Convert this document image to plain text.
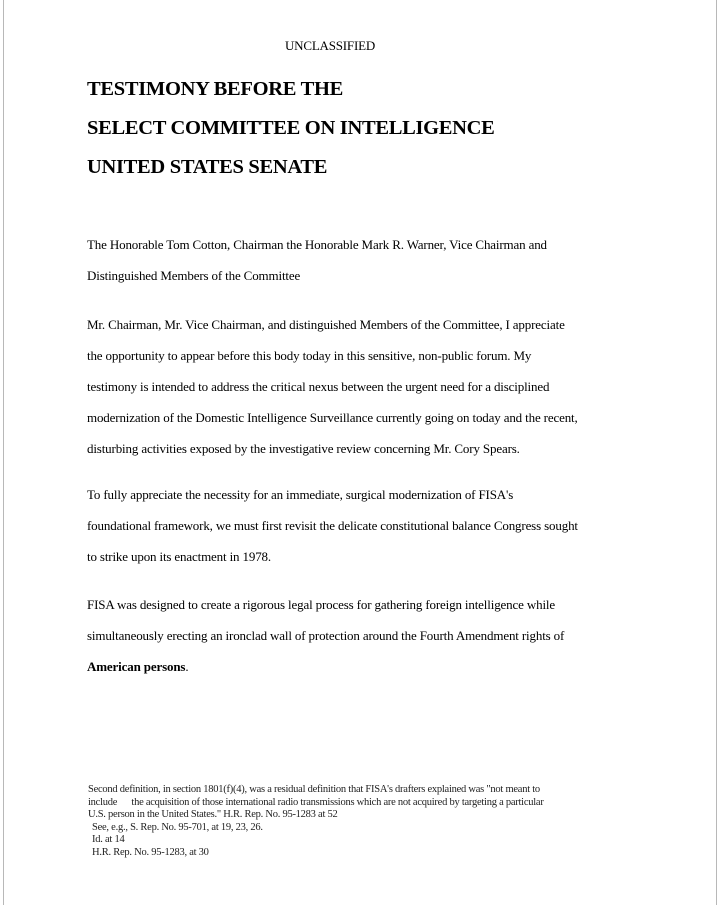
UNCLASSIFIED
TESTIMONY BEFORE THE
SELECT COMMITTEE ON INTELLIGENCE
UNITED STATES SENATE
The Honorable Tom Cotton, Chairman the Honorable Mark R. Warner, Vice Chairman and
Distinguished Members of the Committee
Mr. Chairman, Mr. Vice Chairman, and distinguished Members of the Committee, I appreciate
the opportunity to appear before this body today in this sensitive, non-public forum. My
testimony is intended to address the critical nexus between the urgent need for a disciplined
modernization of the Domestic Intelligence Surveillance currently going on today and the recent,
disturbing activities exposed by the investigative review concerning Mr. Cory Spears.
To fully appreciate the necessity for an immediate, surgical modernization of FISA's
foundational framework, we must first revisit the delicate constitutional balance Congress sought
to strike upon its enactment in 1978.
FISA was designed to create a rigorous legal process for gathering foreign intelligence while
simultaneously erecting an ironclad wall of protection around the Fourth Amendment rights of
American persons.
Second definition, in section 1801(f)(4), was a residual definition that FISA's drafters explained was "not meant to
include      the acquisition of those international radio transmissions which are not acquired by targeting a particular
U.S. person in the United States." H.R. Rep. No. 95-1283 at 52
See, e.g., S. Rep. No. 95-701, at 19, 23, 26.
Id. at 14
H.R. Rep. No. 95-1283, at 30
